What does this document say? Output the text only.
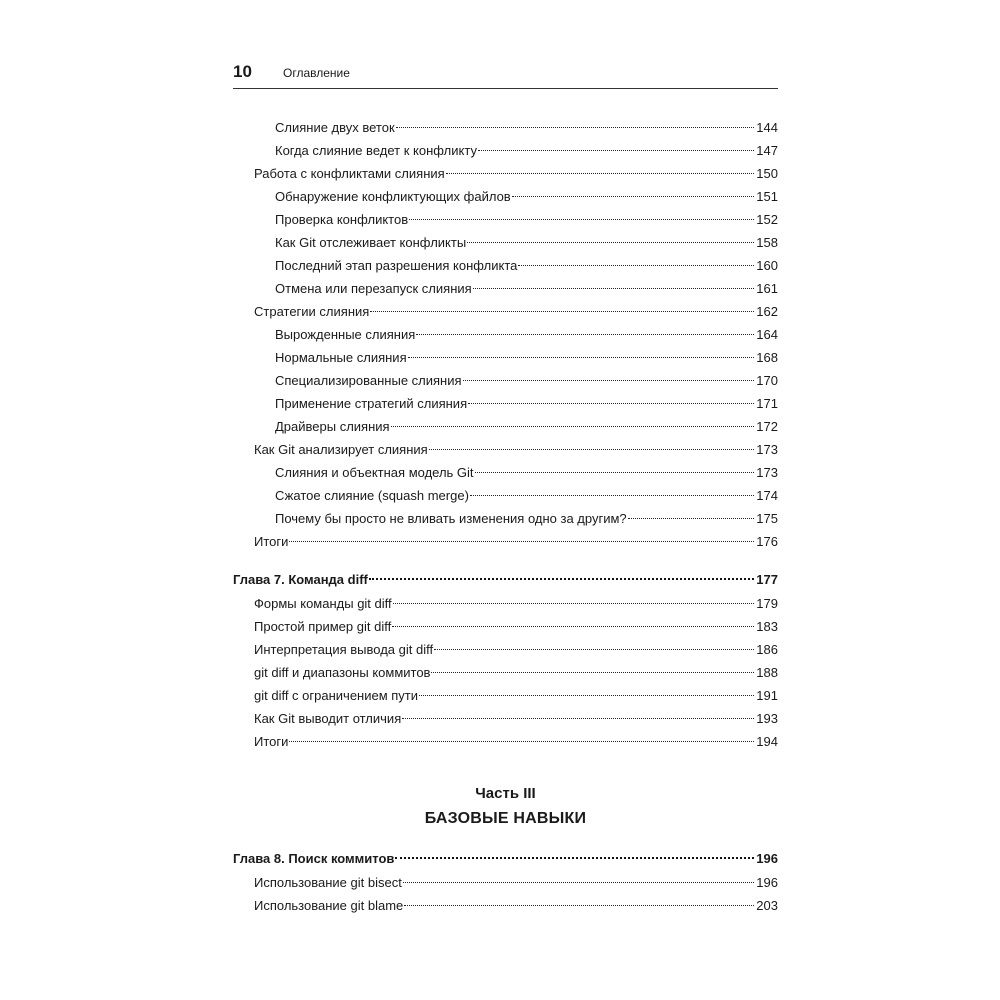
10	Оглавление
Слияние двух веток	144
Когда слияние ведет к конфликту	147
Работа с конфликтами слияния	150
Обнаружение конфликтующих файлов	151
Проверка конфликтов	152
Как Git отслеживает конфликты	158
Последний этап разрешения конфликта	160
Отмена или перезапуск слияния	161
Стратегии слияния	162
Вырожденные слияния	164
Нормальные слияния	168
Специализированные слияния	170
Применение стратегий слияния	171
Драйверы слияния	172
Как Git анализирует слияния	173
Слияния и объектная модель Git	173
Сжатое слияние (squash merge)	174
Почему бы просто не вливать изменения одно за другим?	175
Итоги	176
Глава 7. Команда diff	177
Формы команды git diff	179
Простой пример git diff	183
Интерпретация вывода git diff	186
git diff и диапазоны коммитов	188
git diff с ограничением пути	191
Как Git выводит отличия	193
Итоги	194
Часть III
БАЗОВЫЕ НАВЫКИ
Глава 8. Поиск коммитов	196
Использование git bisect	196
Использование git blame	203
